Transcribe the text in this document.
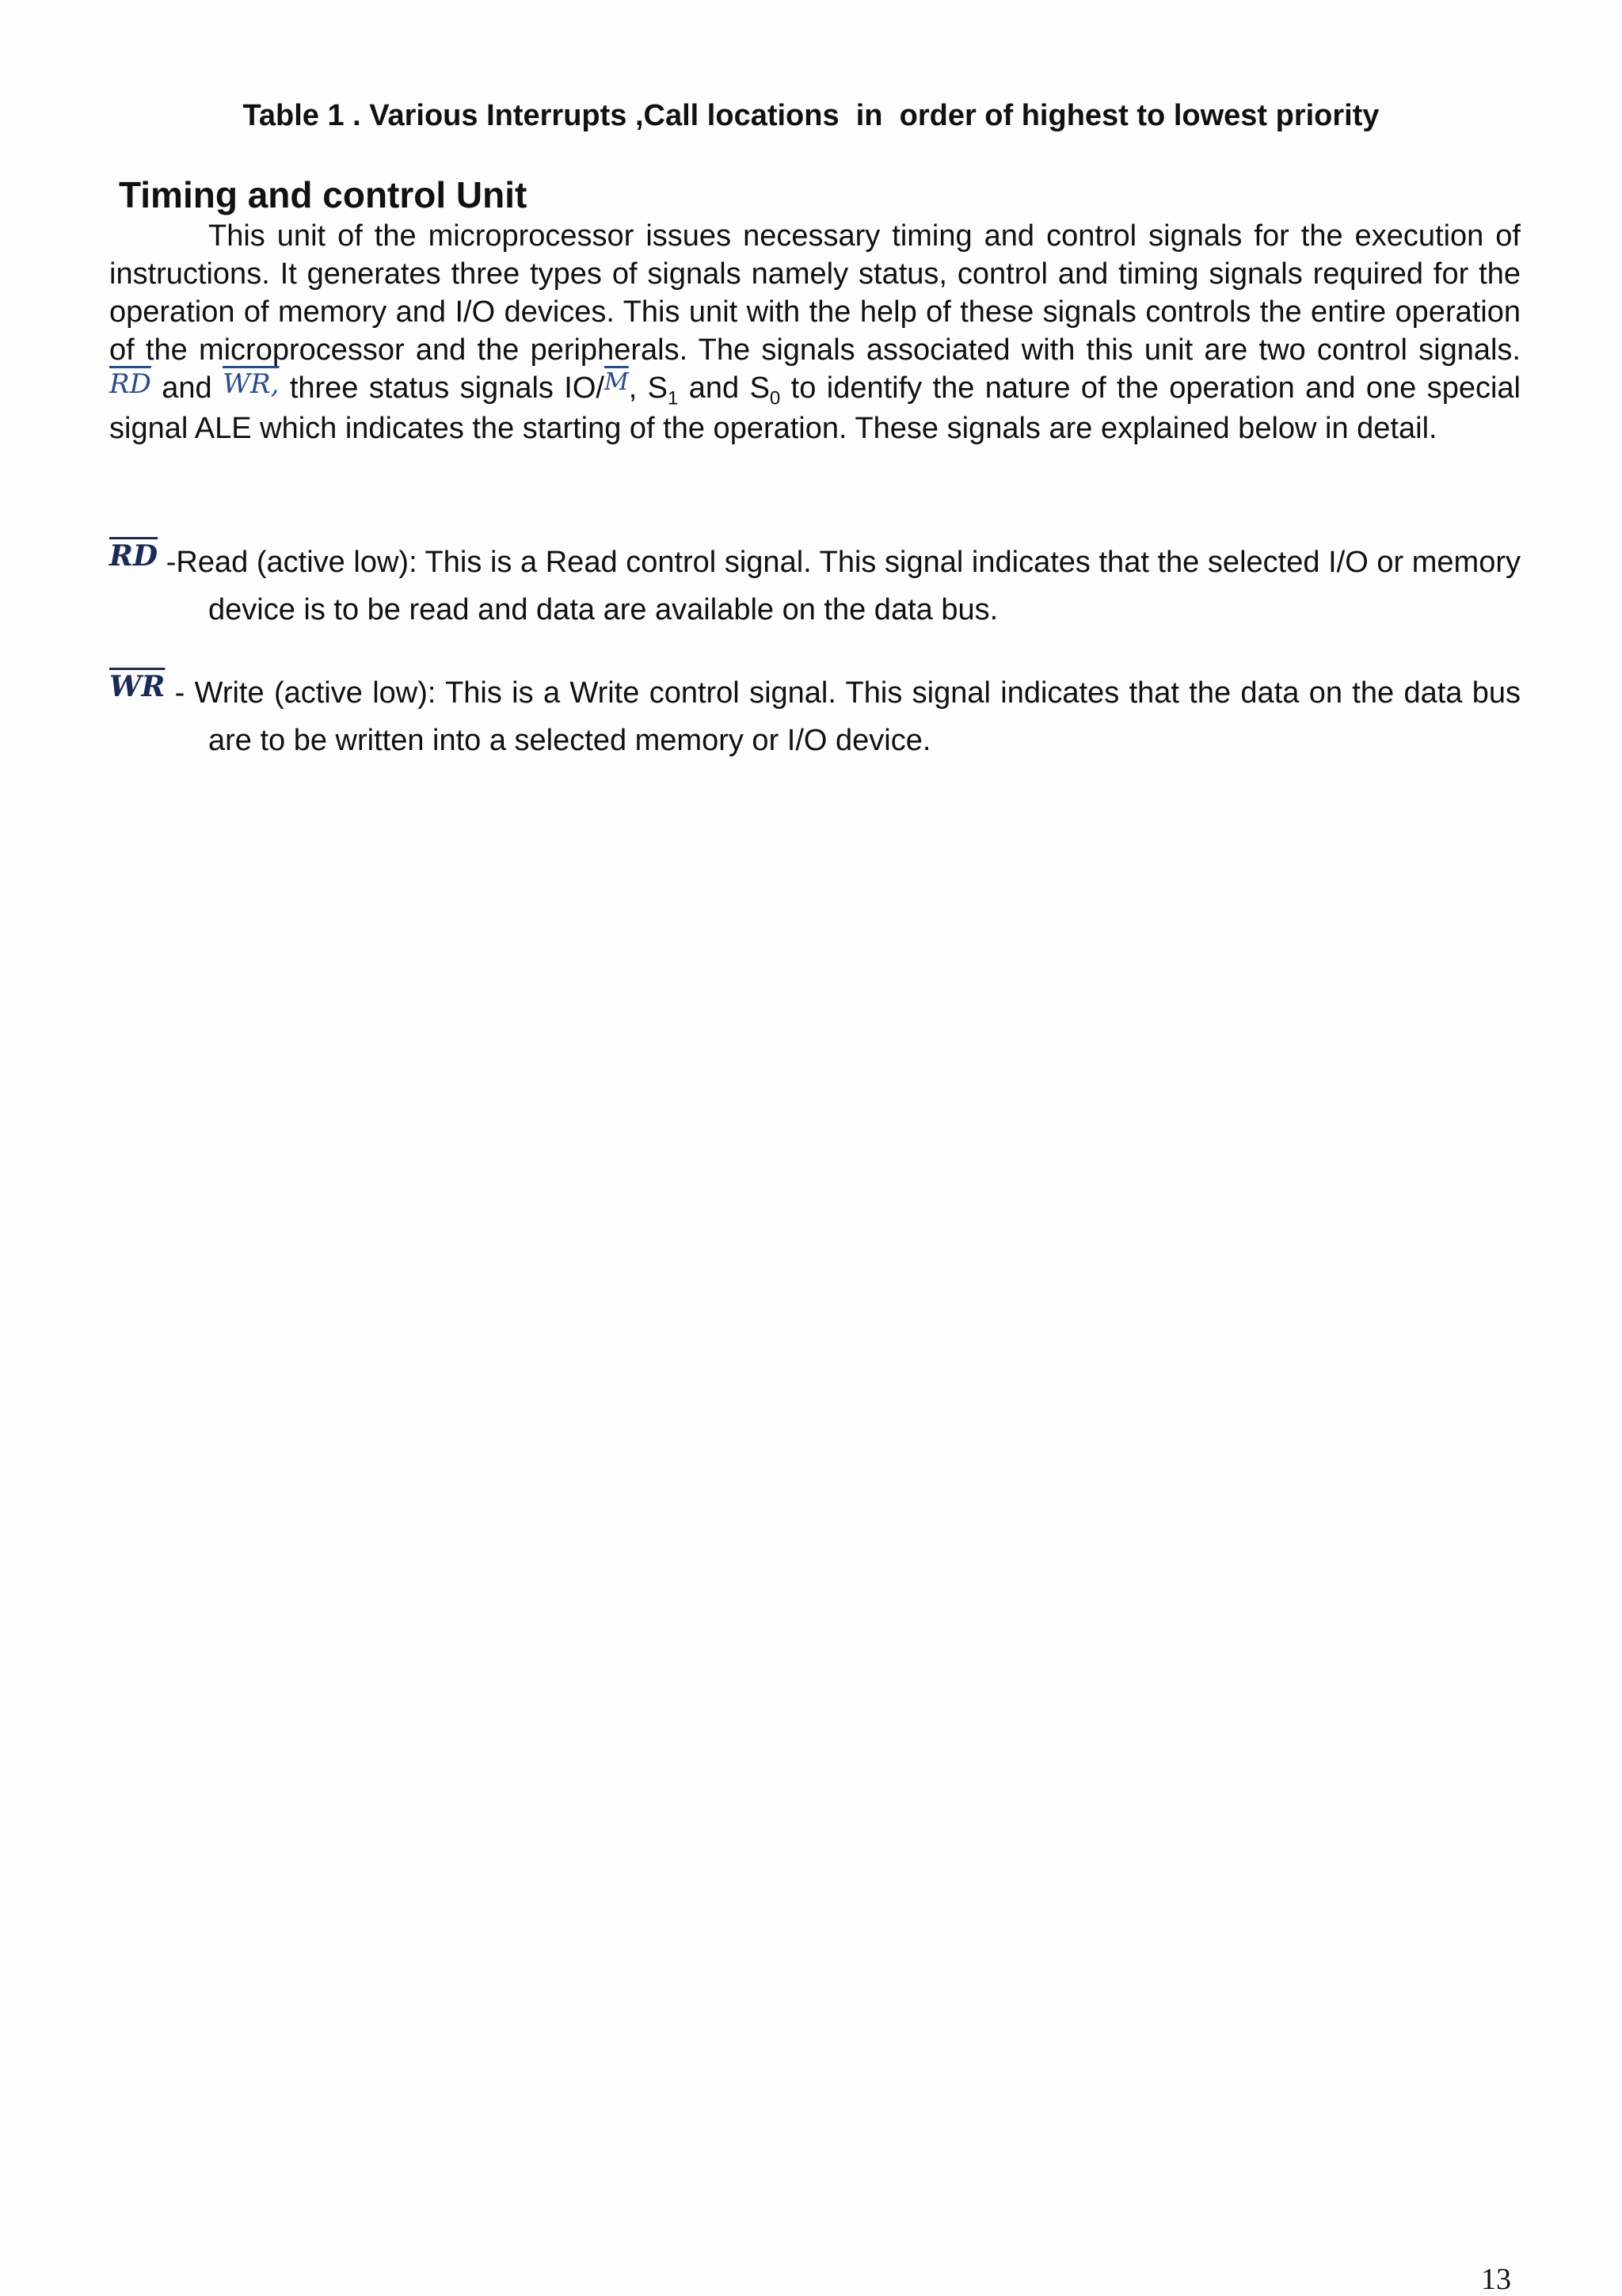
Table 1 . Various Interrupts ,Call locations  in  order of highest to lowest priority
Timing and control Unit

This unit of the microprocessor issues necessary timing and control signals for the execution of instructions. It generates three types of signals namely status, control and timing signals required for the operation of memory and I/O devices. This unit with the help of these signals controls the entire operation of the microprocessor and the peripherals. The signals associated with this unit are two control signals. $\overline{RD}$ and WR, three status signals IO/$^{\overline{M}}$, $S_1$ and $S_0$ to identify the nature of the operation and one special signal ALE which indicates the starting of the operation. These signals are explained below in detail.

$\overline{RD}$ -Read (active low): This is a Read control signal. This signal indicates that the selected I/O or memory device is to be read and data are available on the data bus.

$\overline{WR}$ - Write (active low): This is a Write control signal. This signal indicates that the data on the data bus are to be written into a selected memory or I/O device.

13
